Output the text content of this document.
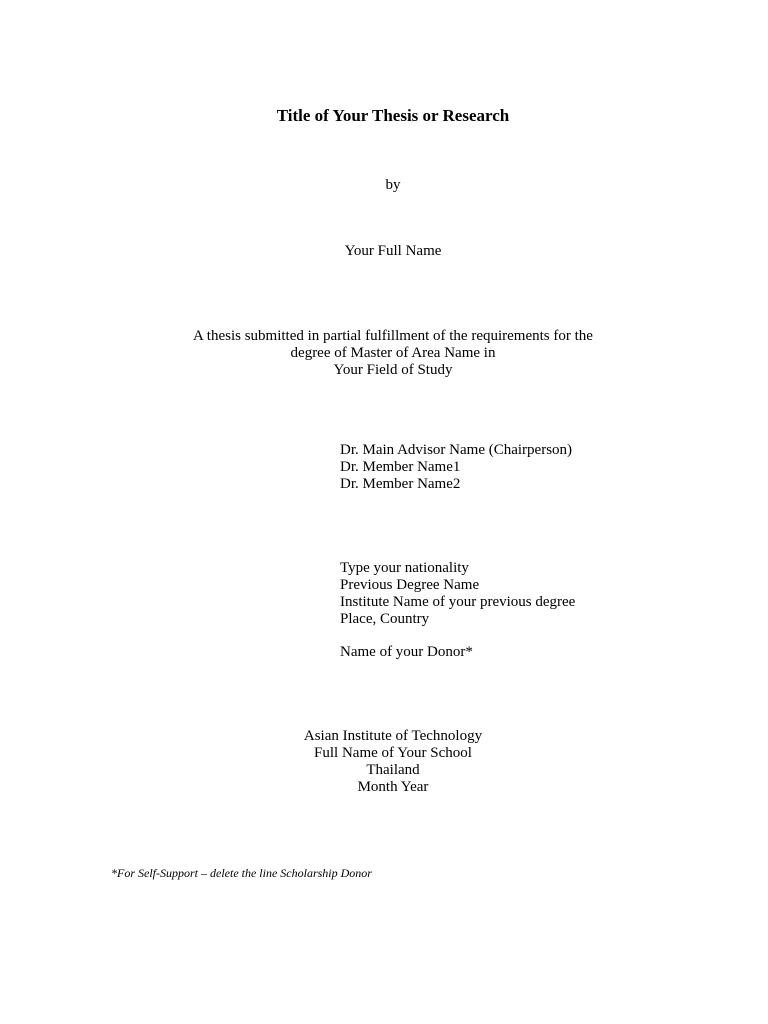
Title of Your Thesis or Research
by
Your Full Name
A thesis submitted in partial fulfillment of the requirements for the
degree of Master of Area Name in
Your Field of Study
Dr. Main Advisor Name (Chairperson)
Dr. Member Name1
Dr. Member Name2
Type your nationality
Previous Degree Name
Institute Name of your previous degree
Place, Country
Name of your Donor*
Asian Institute of Technology
Full Name of Your School
Thailand
Month Year
*For Self-Support – delete the line Scholarship Donor
